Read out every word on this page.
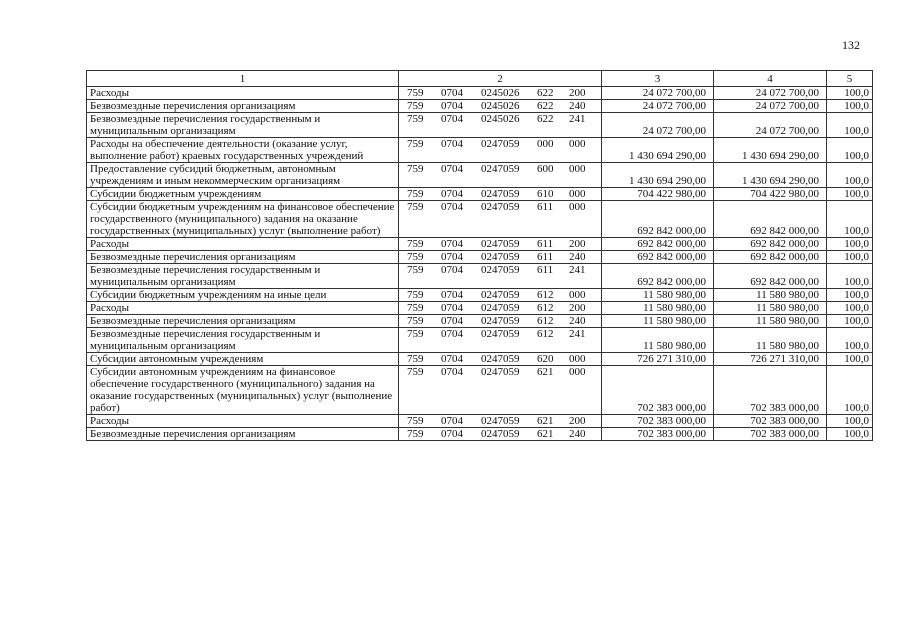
132
1	2	3	4	5
Расходы	759 0704 0245026 622 200	24 072 700,00	24 072 700,00	100,0
Безвозмездные перечисления организациям	759 0704 0245026 622 240	24 072 700,00	24 072 700,00	100,0
Безвозмездные перечисления государственным и муниципальным организациям	759 0704 0245026 622 241	24 072 700,00	24 072 700,00	100,0
Расходы на обеспечение деятельности (оказание услуг, выполнение работ) краевых государственных учреждений	759 0704 0247059 000 000	1 430 694 290,00	1 430 694 290,00	100,0
Предоставление субсидий бюджетным, автономным учреждениям и иным некоммерческим организациям	759 0704 0247059 600 000	1 430 694 290,00	1 430 694 290,00	100,0
Субсидии бюджетным учреждениям	759 0704 0247059 610 000	704 422 980,00	704 422 980,00	100,0
Субсидии бюджетным учреждениям на финансовое обеспечение государственного (муниципального) задания на оказание государственных (муниципальных) услуг (выполнение работ)	759 0704 0247059 611 000	692 842 000,00	692 842 000,00	100,0
Расходы	759 0704 0247059 611 200	692 842 000,00	692 842 000,00	100,0
Безвозмездные перечисления организациям	759 0704 0247059 611 240	692 842 000,00	692 842 000,00	100,0
Безвозмездные перечисления государственным и муниципальным организациям	759 0704 0247059 611 241	692 842 000,00	692 842 000,00	100,0
Субсидии бюджетным учреждениям на иные цели	759 0704 0247059 612 000	11 580 980,00	11 580 980,00	100,0
Расходы	759 0704 0247059 612 200	11 580 980,00	11 580 980,00	100,0
Безвозмездные перечисления организациям	759 0704 0247059 612 240	11 580 980,00	11 580 980,00	100,0
Безвозмездные перечисления государственным и муниципальным организациям	759 0704 0247059 612 241	11 580 980,00	11 580 980,00	100,0
Субсидии автономным учреждениям	759 0704 0247059 620 000	726 271 310,00	726 271 310,00	100,0
Субсидии автономным учреждениям на финансовое обеспечение государственного (муниципального) задания на оказание государственных (муниципальных) услуг (выполнение работ)	759 0704 0247059 621 000	702 383 000,00	702 383 000,00	100,0
Расходы	759 0704 0247059 621 200	702 383 000,00	702 383 000,00	100,0
Безвозмездные перечисления организациям	759 0704 0247059 621 240	702 383 000,00	702 383 000,00	100,0
